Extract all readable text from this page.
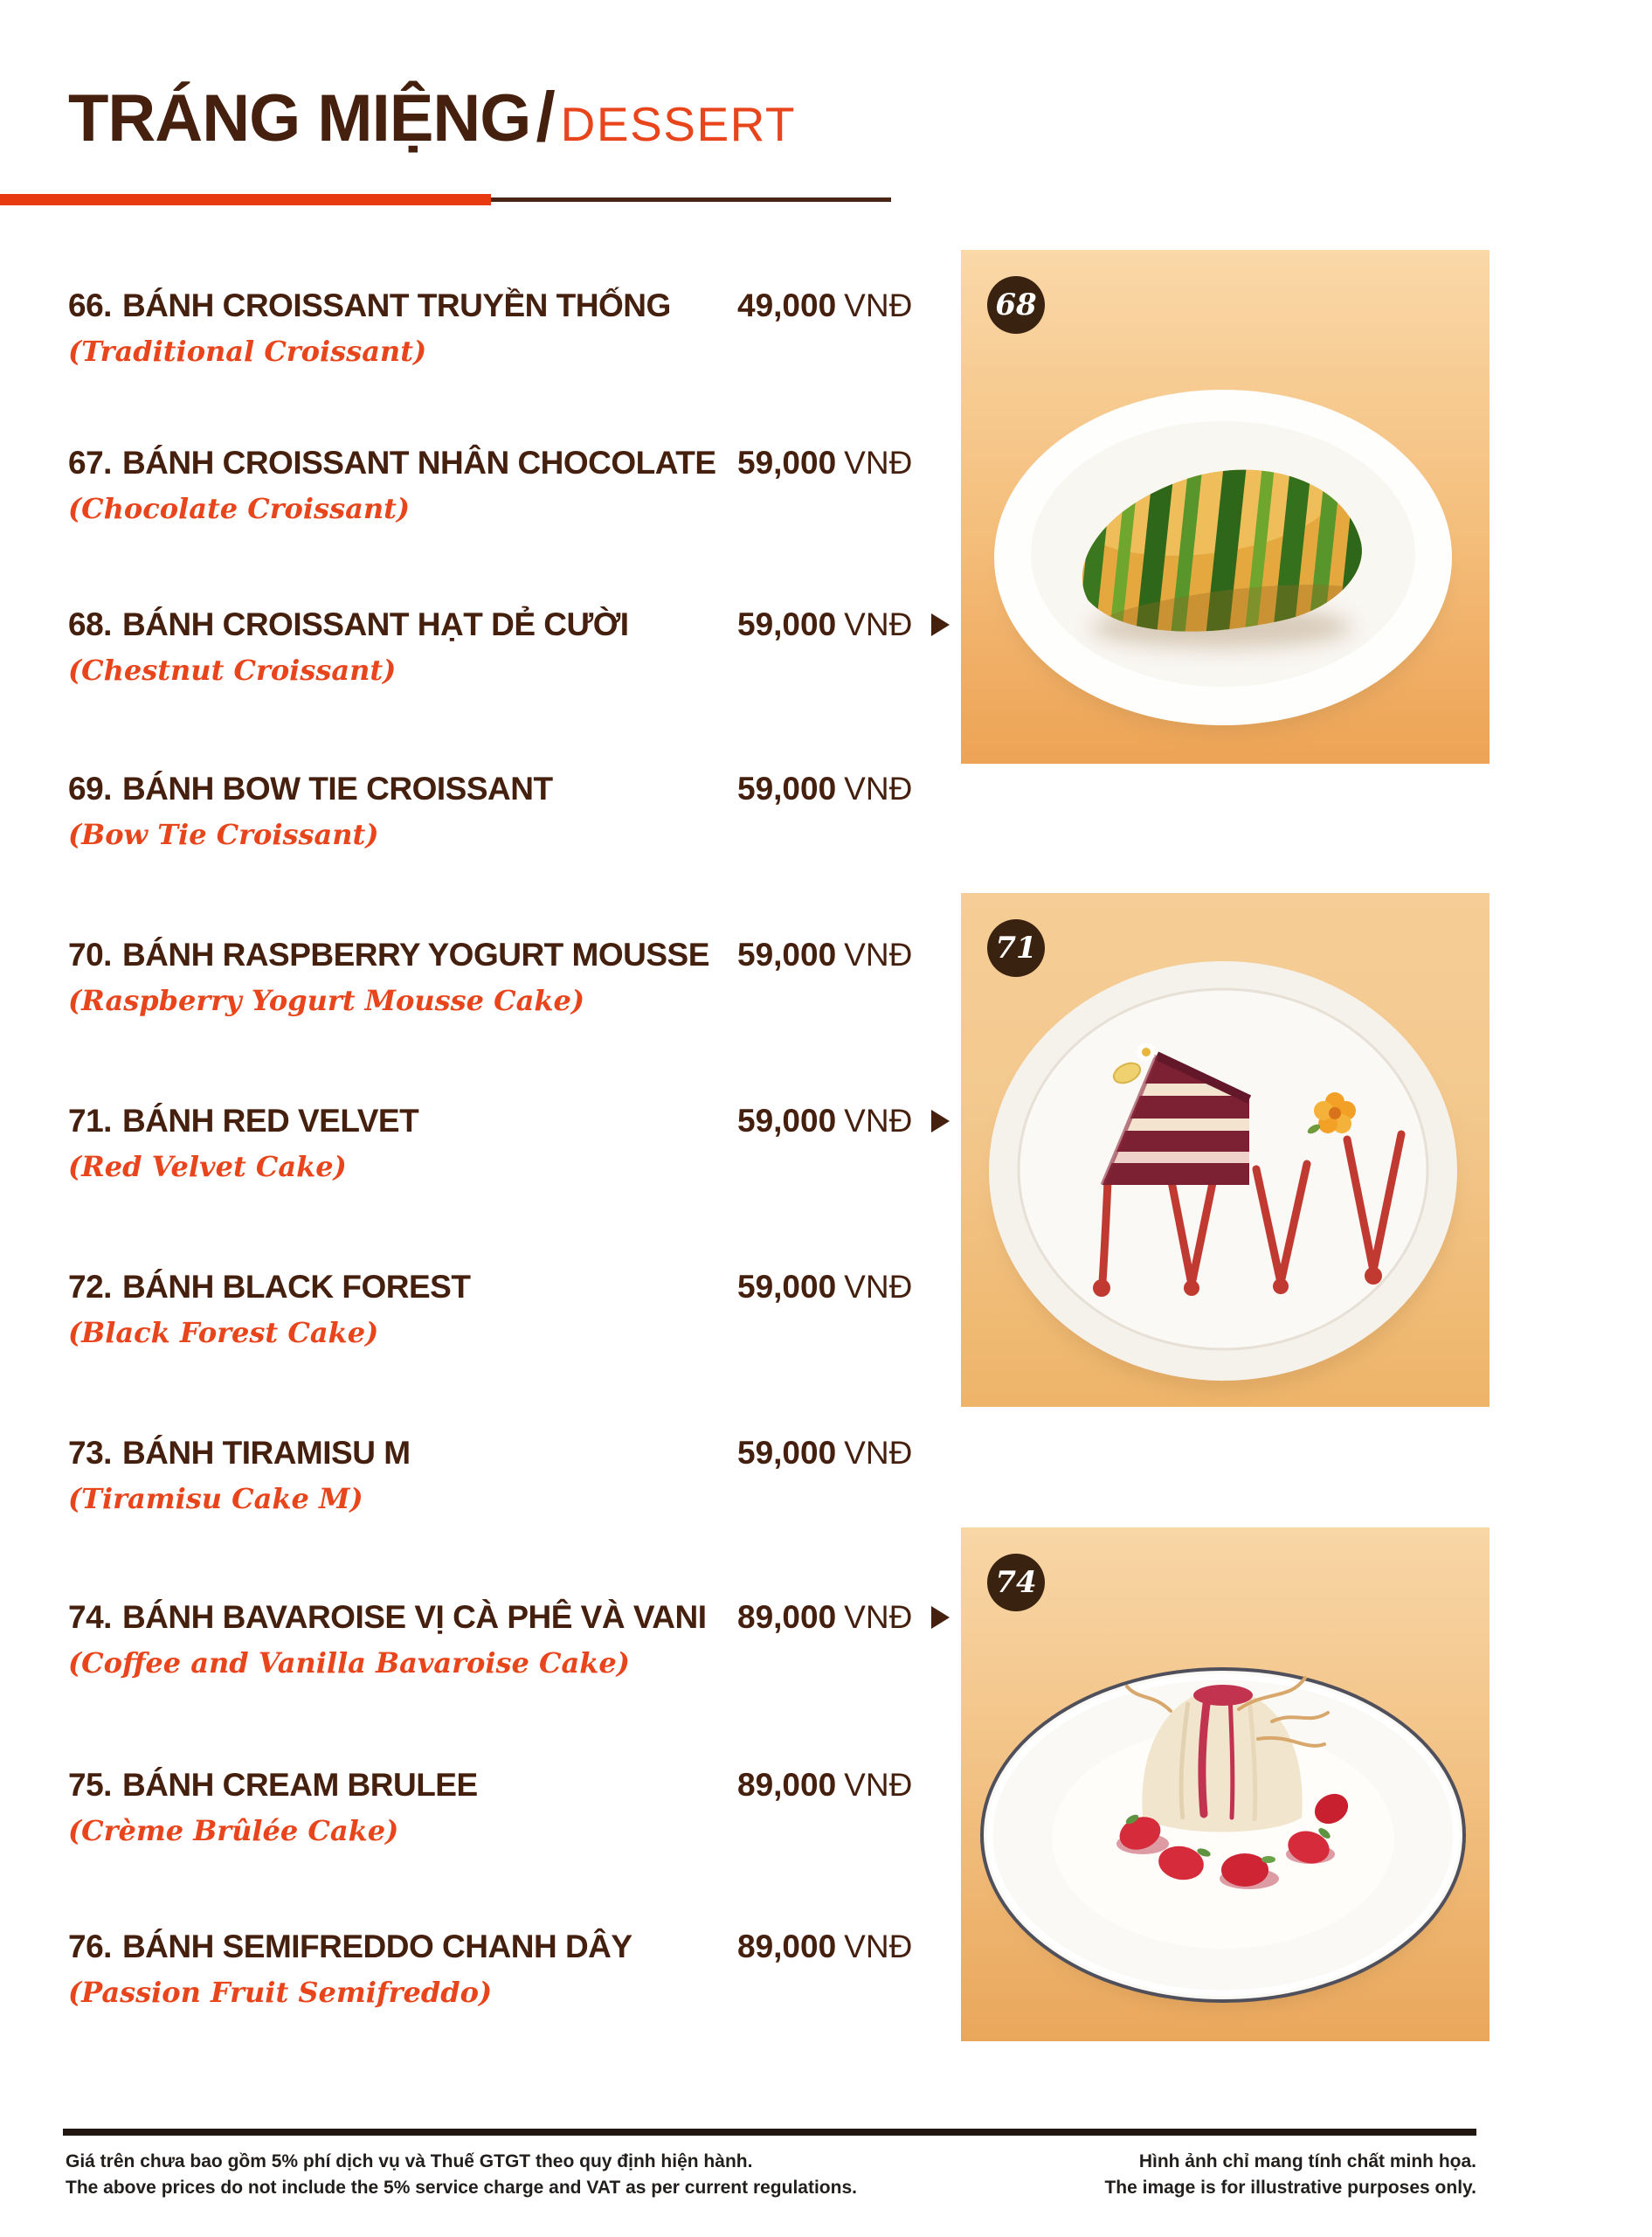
TRÁNG MIỆNG / DESSERT
66. BÁNH CROISSANT TRUYỀN THỐNG	49,000 VNĐ
(Traditional Croissant)
67. BÁNH CROISSANT NHÂN CHOCOLATE 59,000 VNĐ
(Chocolate Croissant)
68. BÁNH CROISSANT HẠT DẺ CƯỜI	59,000 VNĐ
(Chestnut Croissant)
69. BÁNH BOW TIE CROISSANT	59,000 VNĐ
(Bow Tie Croissant)
70. BÁNH RASPBERRY YOGURT MOUSSE 59,000 VNĐ
(Raspberry Yogurt Mousse Cake)
71. BÁNH RED VELVET	59,000 VNĐ
(Red Velvet Cake)
72. BÁNH BLACK FOREST	59,000 VNĐ
(Black Forest Cake)
73. BÁNH TIRAMISU M	59,000 VNĐ
(Tiramisu Cake M)
74. BÁNH BAVAROISE VỊ CÀ PHÊ VÀ VANI 89,000 VNĐ
(Coffee and Vanilla Bavaroise Cake)
75. BÁNH CREAM BRULEE	89,000 VNĐ
(Crème Brûlée Cake)
76. BÁNH SEMIFREDDO CHANH DÂY	89,000 VNĐ
(Passion Fruit Semifreddo)
68
71
74
Giá trên chưa bao gồm 5% phí dịch vụ và Thuế GTGT theo quy định hiện hành.
The above prices do not include the 5% service charge and VAT as per current regulations.
Hình ảnh chỉ mang tính chất minh họa.
The image is for illustrative purposes only.
